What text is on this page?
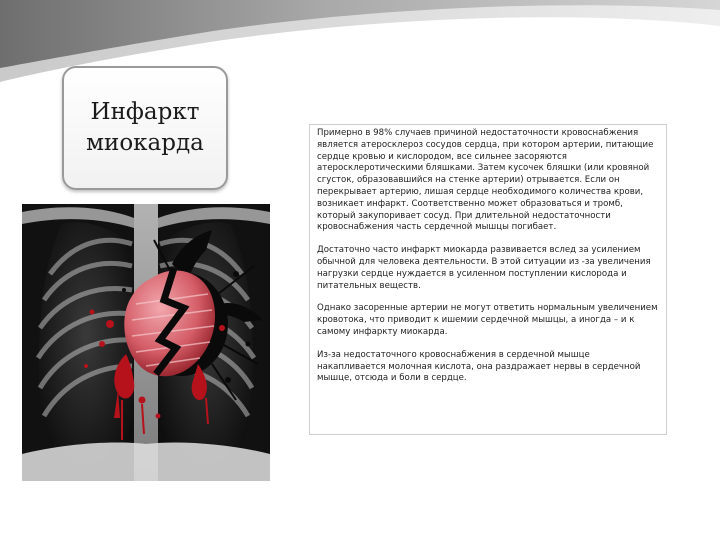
Инфаркт
миокарда	Примерно в 98% случаев причиной недостаточности кровоснабжения является атеросклероз сосудов сердца, при котором артерии, питающие сердце кровью и кислородом, все сильнее засоряются атеросклеротическими бляшками. Затем кусочек бляшки (или кровяной сгусток, образовавшийся на стенке артерии) отрывается. Если он перекрывает артерию, лишая сердце необходимого количества крови, возникает инфаркт. Соответственно может образоваться и тромб, который закупоривает сосуд. При длительной недостаточности кровоснабжения часть сердечной мышцы погибает.

Достаточно часто инфаркт миокарда развивается вслед за усилением обычной для человека деятельности. В этой ситуации из -за увеличения нагрузки сердце нуждается в усиленном поступлении кислорода и питательных веществ.

Однако засоренные артерии не могут ответить нормальным увеличением кровотока, что приводит к ишемии сердечной мышцы, а иногда – и к самому инфаркту миокарда.

Из-за недостаточного кровоснабжения в сердечной мышце накапливается молочная кислота, она раздражает нервы в сердечной мышце, отсюда и боли в сердце.
